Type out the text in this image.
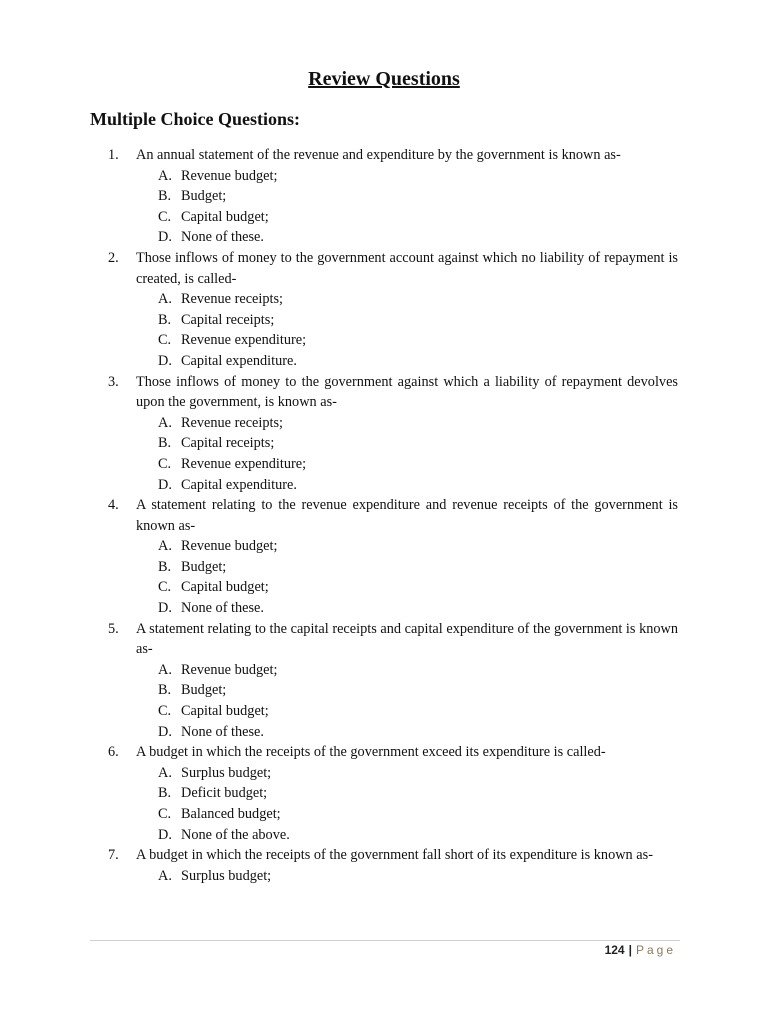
Review Questions
Multiple Choice Questions:
1.	An annual statement of the revenue and expenditure by the government is known as-
A. Revenue budget;
B. Budget;
C. Capital budget;
D. None of these.
2.	Those inflows of money to the government account against which no liability of repayment is created, is called-
A. Revenue receipts;
B. Capital receipts;
C. Revenue expenditure;
D. Capital expenditure.
3.	Those inflows of money to the government against which a liability of repayment devolves upon the government, is known as-
A. Revenue receipts;
B. Capital receipts;
C. Revenue expenditure;
D. Capital expenditure.
4.	A statement relating to the revenue expenditure and revenue receipts of the government is known as-
A. Revenue budget;
B. Budget;
C. Capital budget;
D. None of these.
5.	A statement relating to the capital receipts and capital expenditure of the government is known as-
A. Revenue budget;
B. Budget;
C. Capital budget;
D. None of these.
6.	A budget in which the receipts of the government exceed its expenditure is called-
A. Surplus budget;
B. Deficit budget;
C. Balanced budget;
D. None of the above.
7.	A budget in which the receipts of the government fall short of its expenditure is known as-
A. Surplus budget;
124 | Page
